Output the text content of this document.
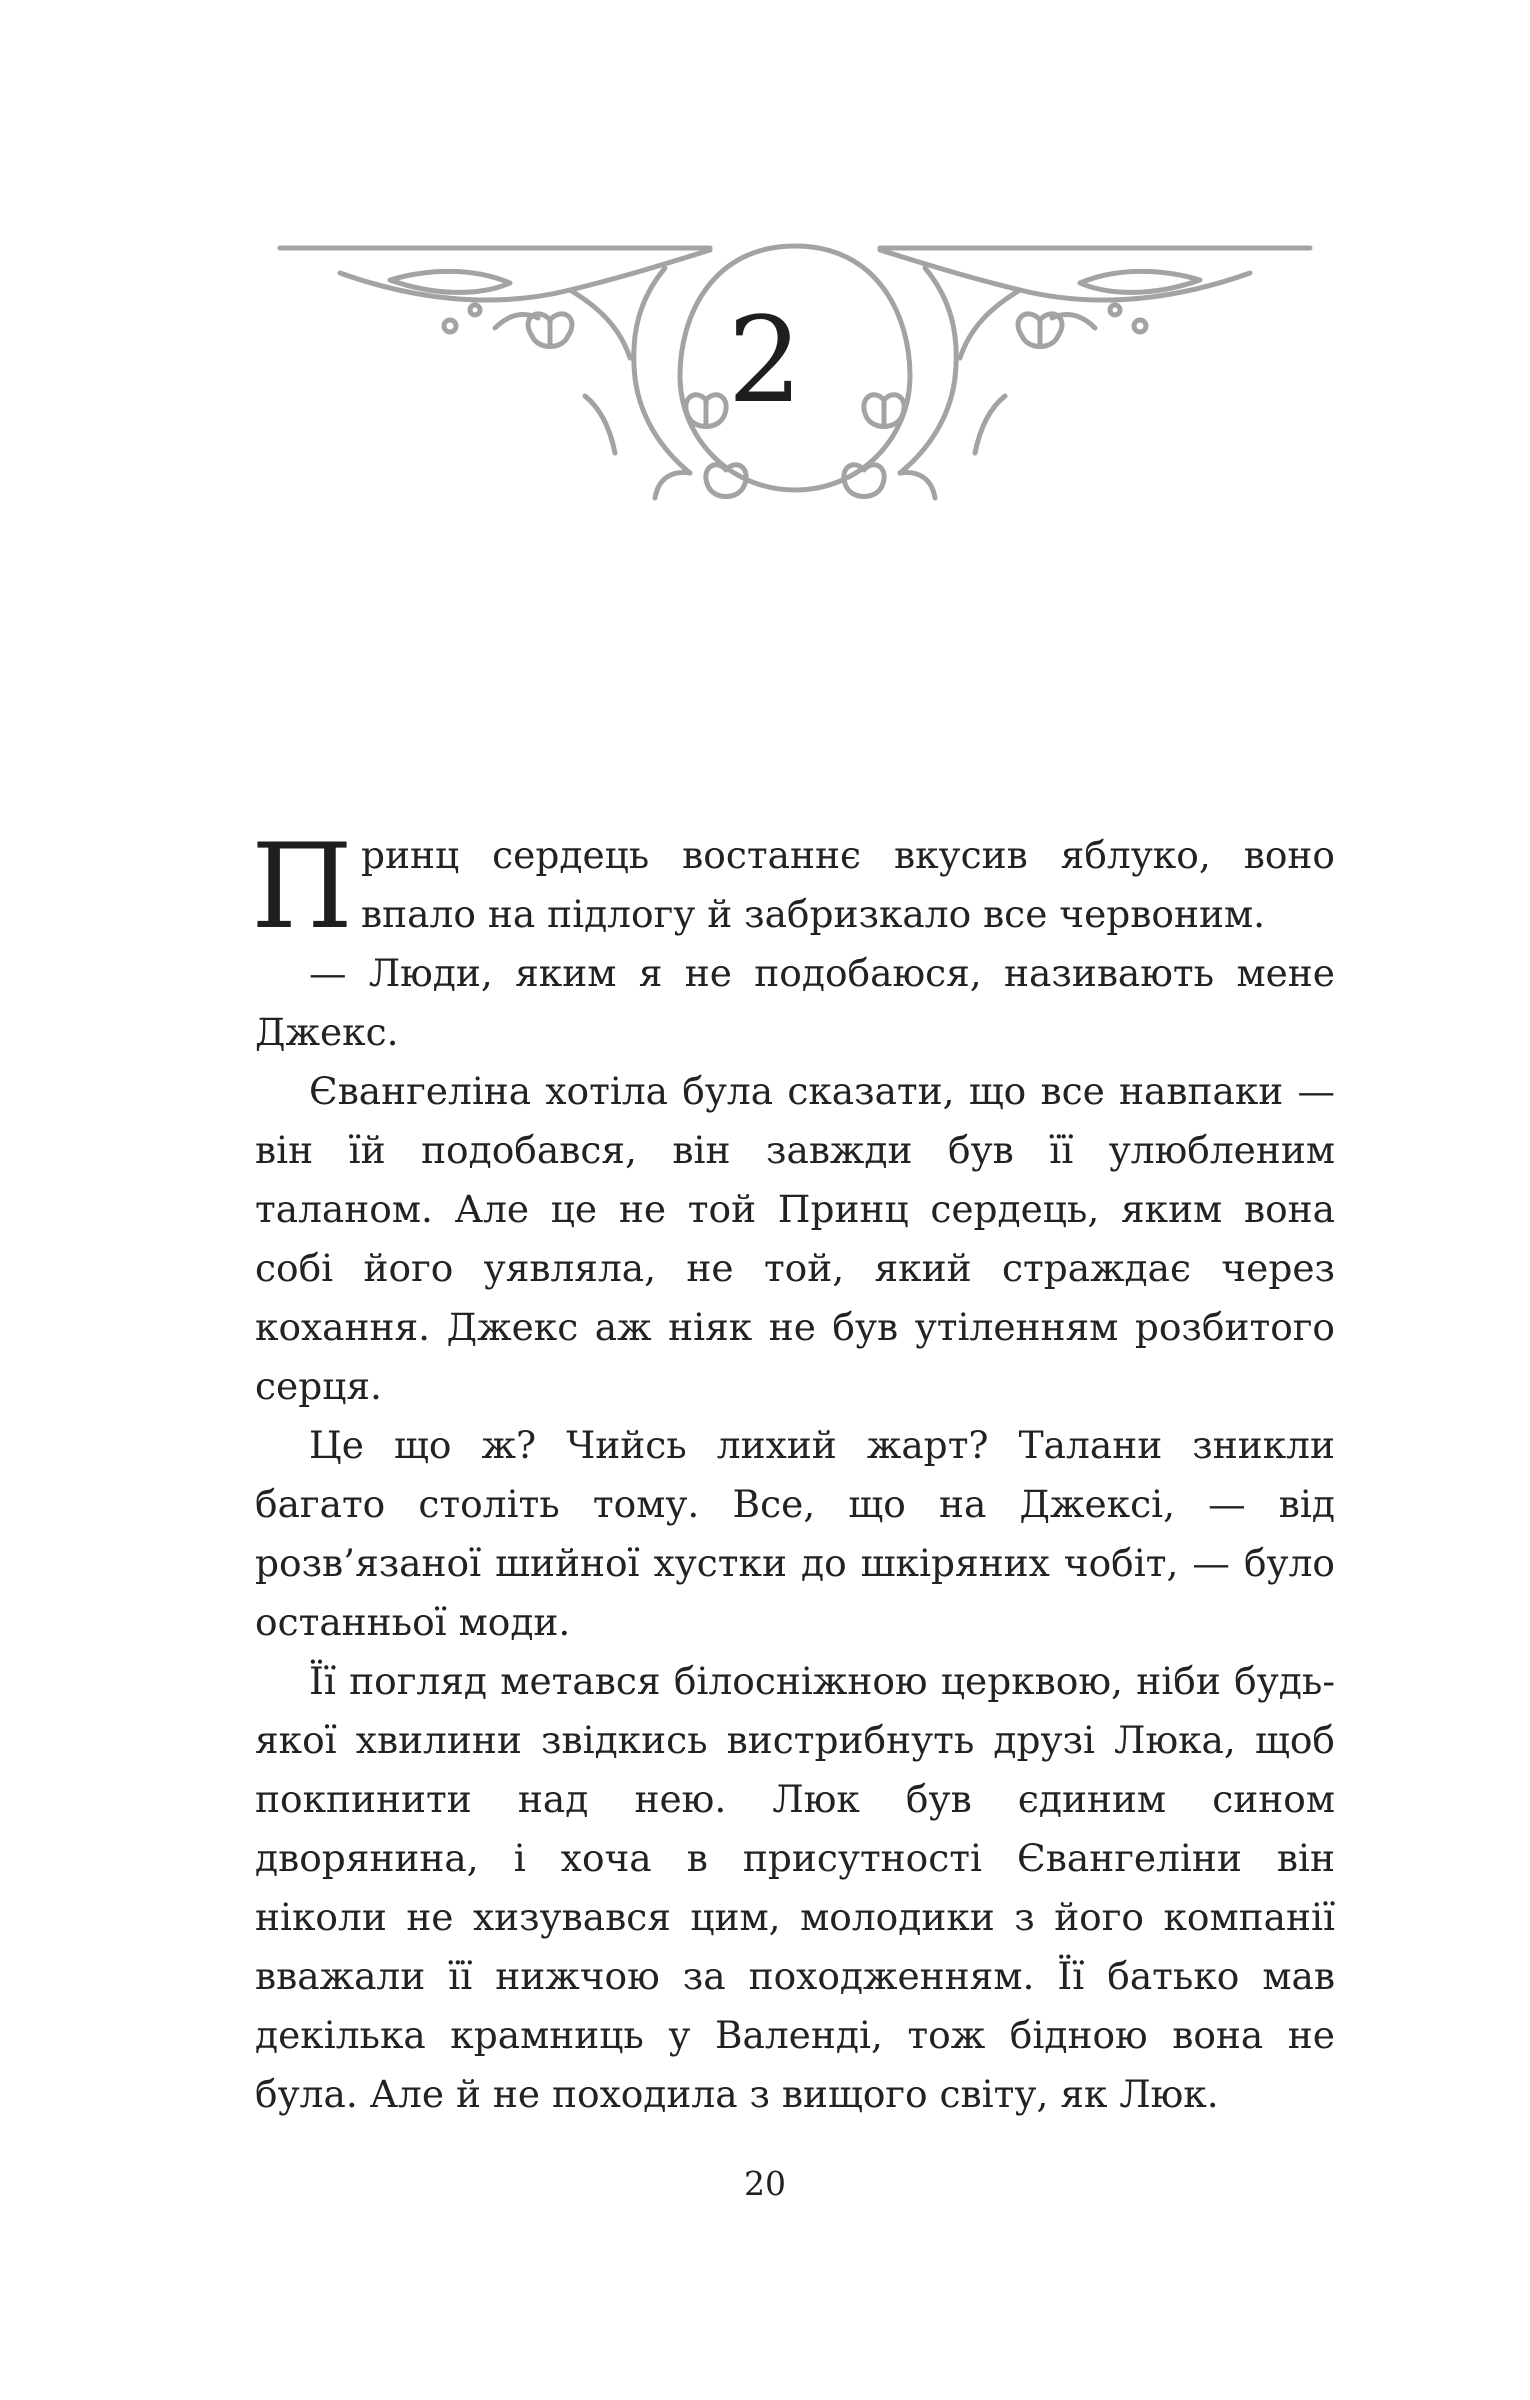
2

Принц сердець востаннє вкусив яблуко, воно впало на підлогу й забризкало все червоним.

— Люди, яким я не подобаюся, називають мене Джекс.

Євангеліна хотіла була сказати, що все навпаки — він їй подобався, він завжди був її улюбленим таланом. Але це не той Принц сердець, яким вона собі його уявляла, не той, який страждає через кохання. Джекс аж ніяк не був утіленням розбитого серця.

Це що ж? Чийсь лихий жарт? Талани зникли багато століть тому. Все, що на Джексі, — від розв’язаної шийної хустки до шкіряних чобіт, — було останньої моди.

Її погляд метався білосніжною церквою, ніби будь-якої хвилини звідкись вистрибнуть друзі Люка, щоб покпинити над нею. Люк був єдиним сином дворянина, і хоча в присутності Євангеліни він ніколи не хизувався цим, молодики з його компанії вважали її нижчою за походженням. Її батько мав декілька крамниць у Валенді, тож бідною вона не була. Але й не походила з вищого світу, як Люк.

20
